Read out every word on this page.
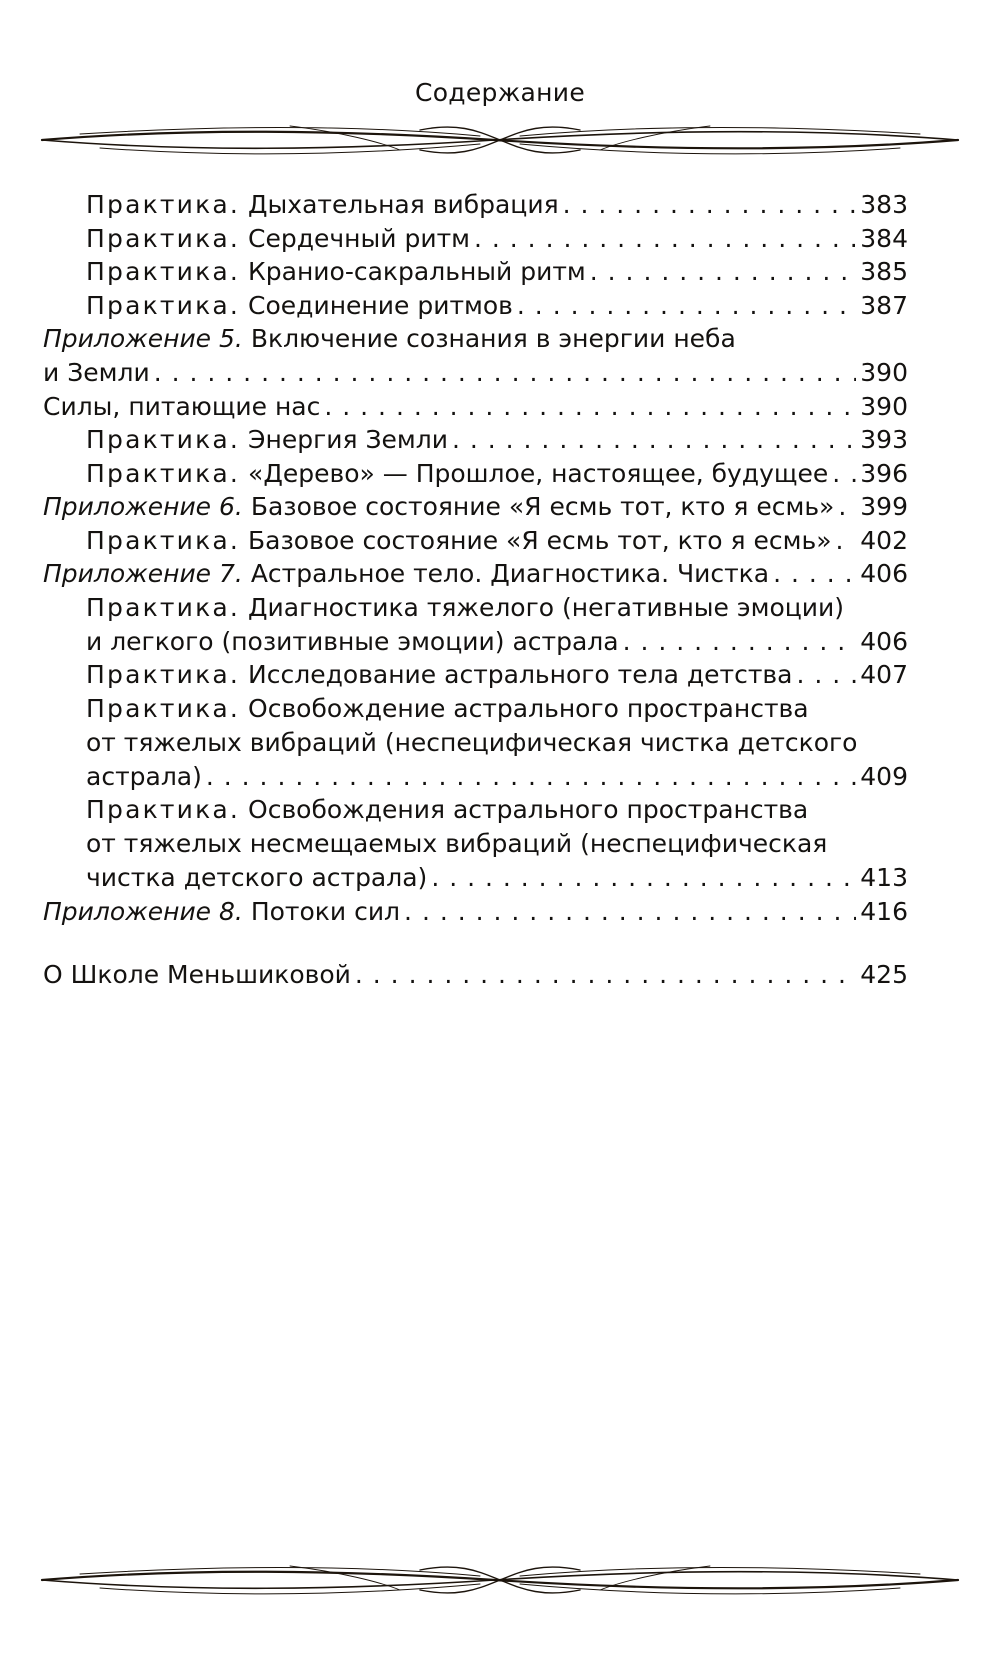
Содержание
Практика. Дыхательная вибрация . . .	383
Практика. Сердечный ритм . . .	384
Практика. Кранио-сакральный ритм . . .	385
Практика. Соединение ритмов . . .	387
Приложение 5. Включение сознания в энергии неба
и Земли . . .	390
Силы, питающие нас . . .	390
Практика. Энергия Земли . . .	393
Практика. «Дерево» — Прошлое, настоящее, будущее . . . 396
Приложение 6. Базовое состояние «Я есмь тот, кто я есмь» . . . 399
Практика. Базовое состояние «Я есмь тот, кто я есмь» . . . 402
Приложение 7. Астральное тело. Диагностика. Чистка . . .	406
Практика. Диагностика тяжелого (негативные эмоции)
и легкого (позитивные эмоции) астрала . . .	406
Практика. Исследование астрального тела детства . . .	407
Практика. Освобождение астрального пространства
от тяжелых вибраций (неспецифическая чистка детского
астрала) . . .	409
Практика. Освобождения астрального пространства
от тяжелых несмещаемых вибраций (неспецифическая
чистка детского астрала) . . .	413
Приложение 8. Потоки сил . . .	416
О Школе Меньшиковой . . .	425
